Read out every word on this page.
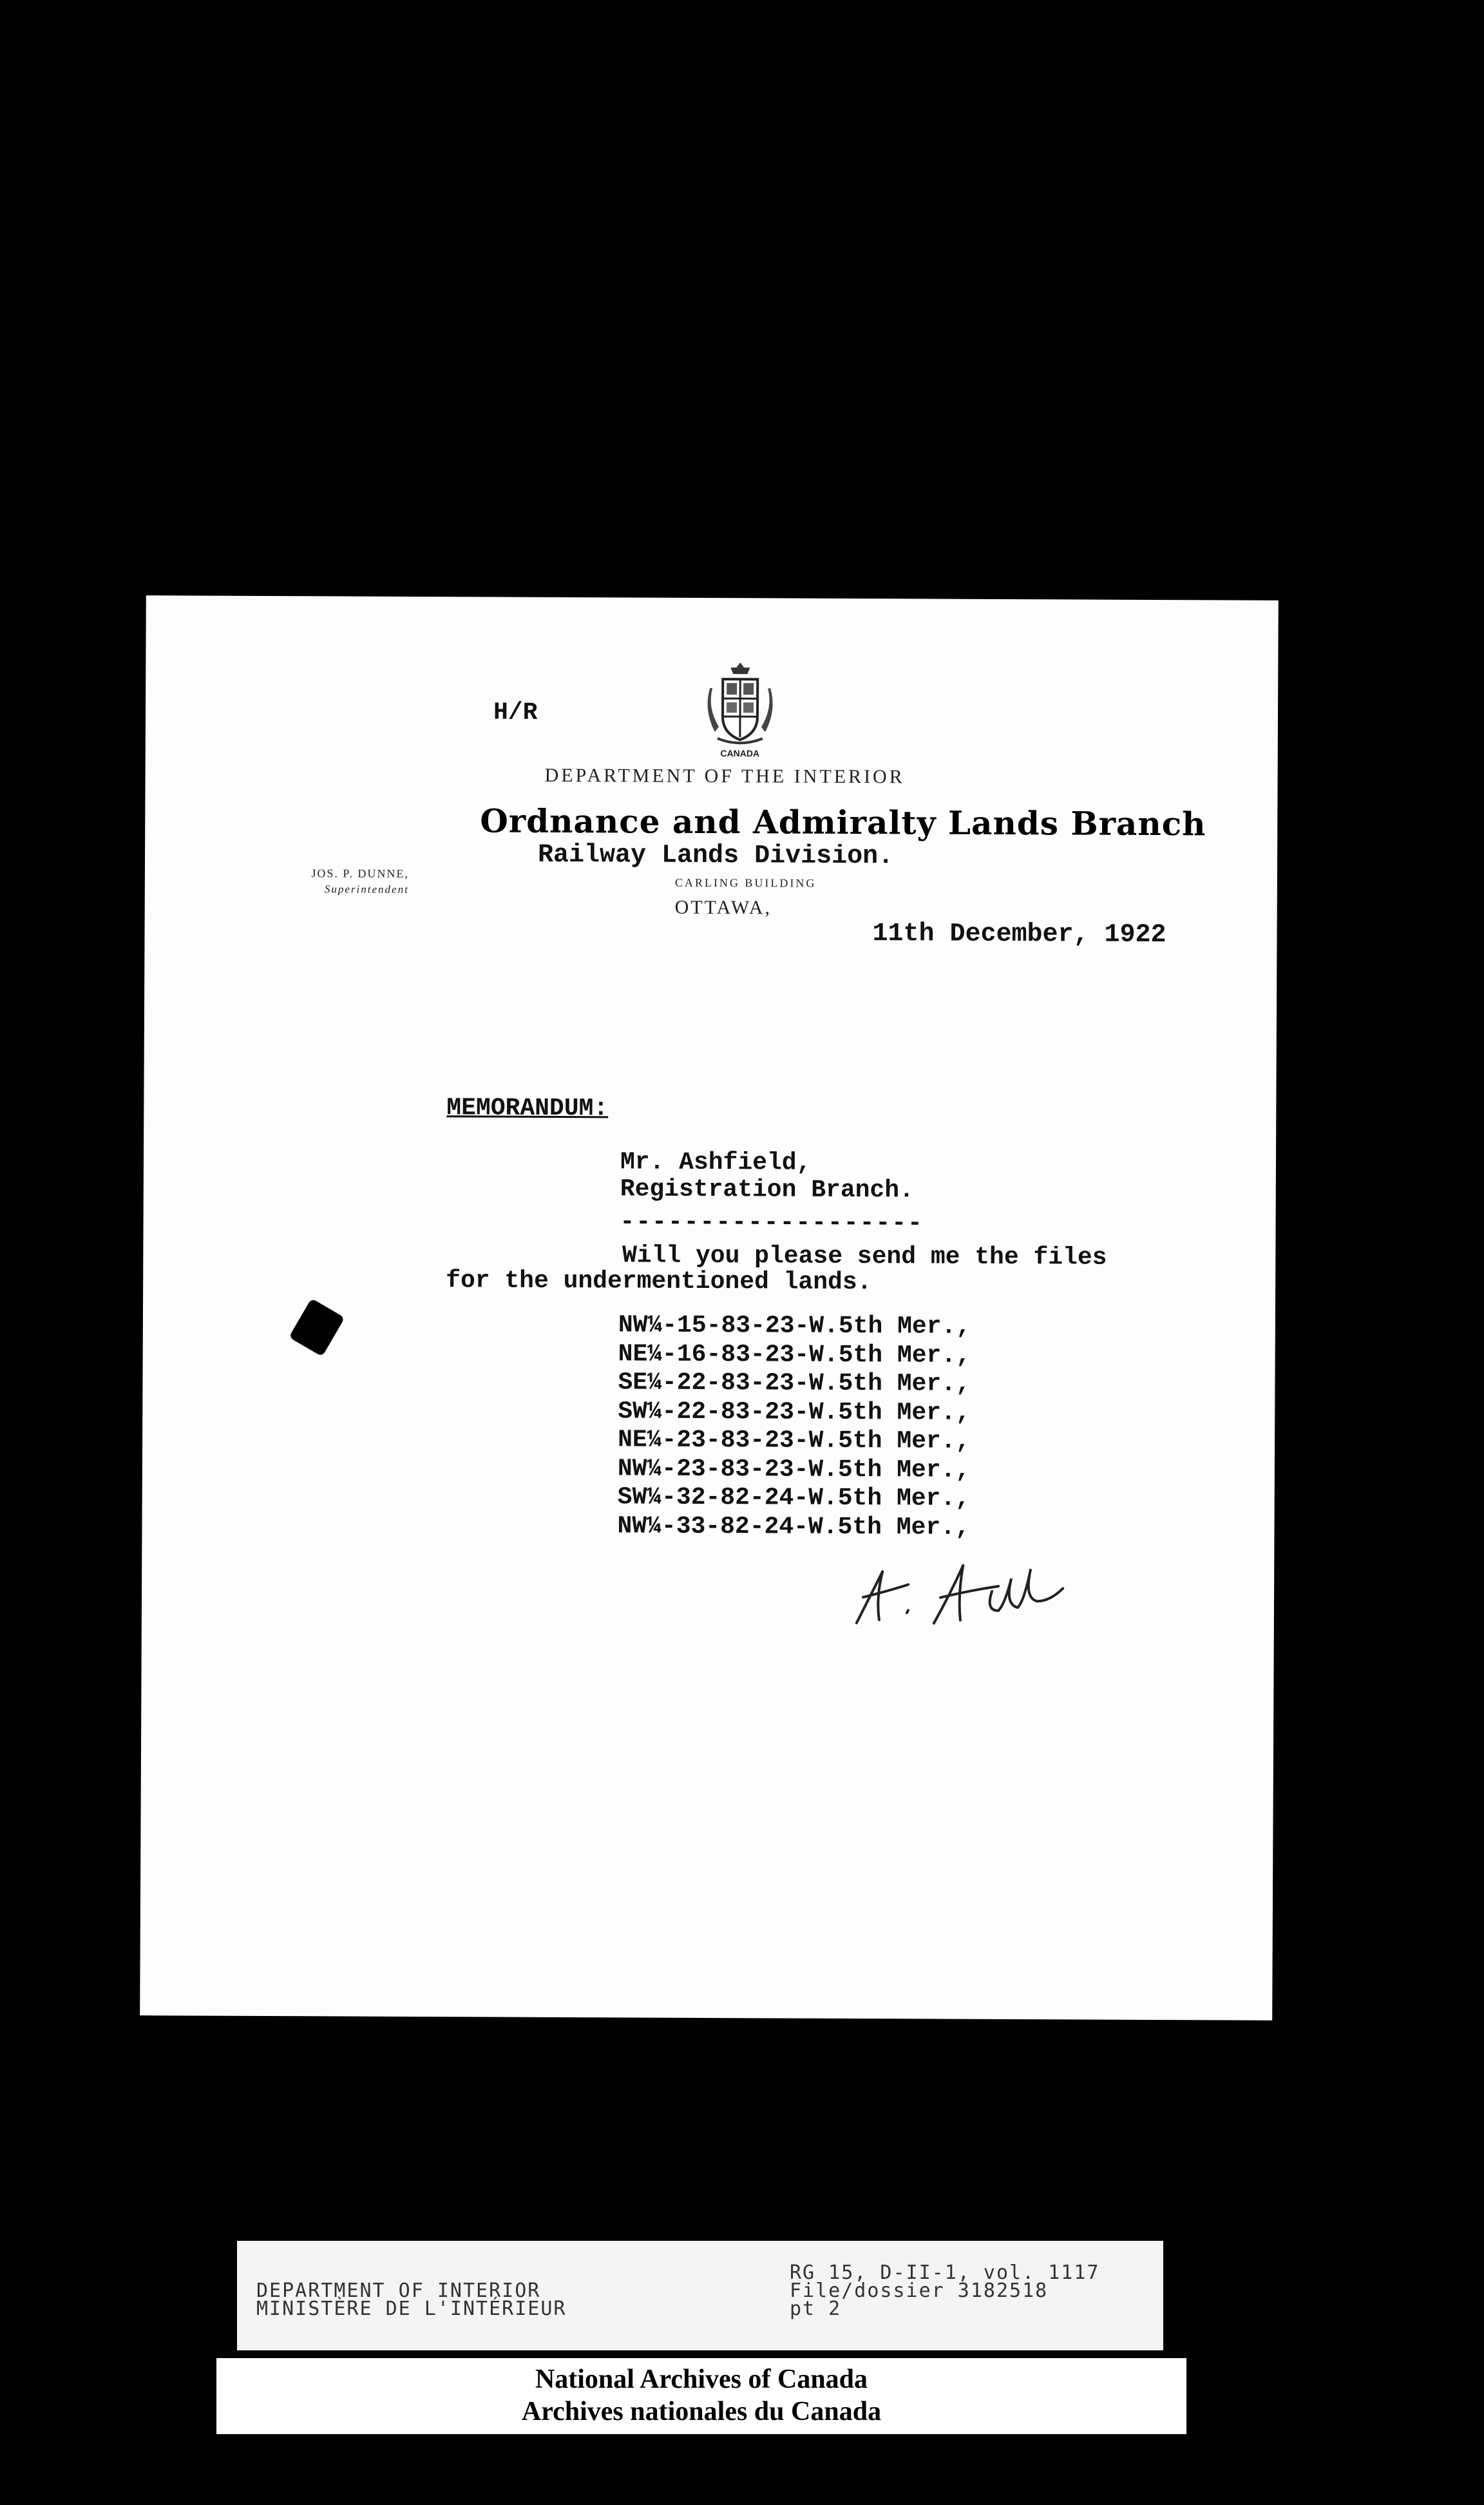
H/R
CANADA
DEPARTMENT OF THE INTERIOR
Ordnance and Admiralty Lands Branch
Railway Lands Division.
CARLING BUILDING
OTTAWA,
JOS. P. DUNNE,
Superintendent
11th December, 1922
MEMORANDUM:
Mr. Ashfield,
Registration Branch.
-------------------
Will you please send me the files
for the undermentioned lands.
NW¼-15-83-23-W.5th Mer.,
NE¼-16-83-23-W.5th Mer.,
SE¼-22-83-23-W.5th Mer.,
SW¼-22-83-23-W.5th Mer.,
NE¼-23-83-23-W.5th Mer.,
NW¼-23-83-23-W.5th Mer.,
SW¼-32-82-24-W.5th Mer.,
NW¼-33-82-24-W.5th Mer.,
DEPARTMENT OF INTERIOR
MINISTÈRE DE L'INTÉRIEUR
RG 15, D-II-1, vol. 1117
File/dossier 3182518
pt 2
National Archives of Canada
Archives nationales du Canada
